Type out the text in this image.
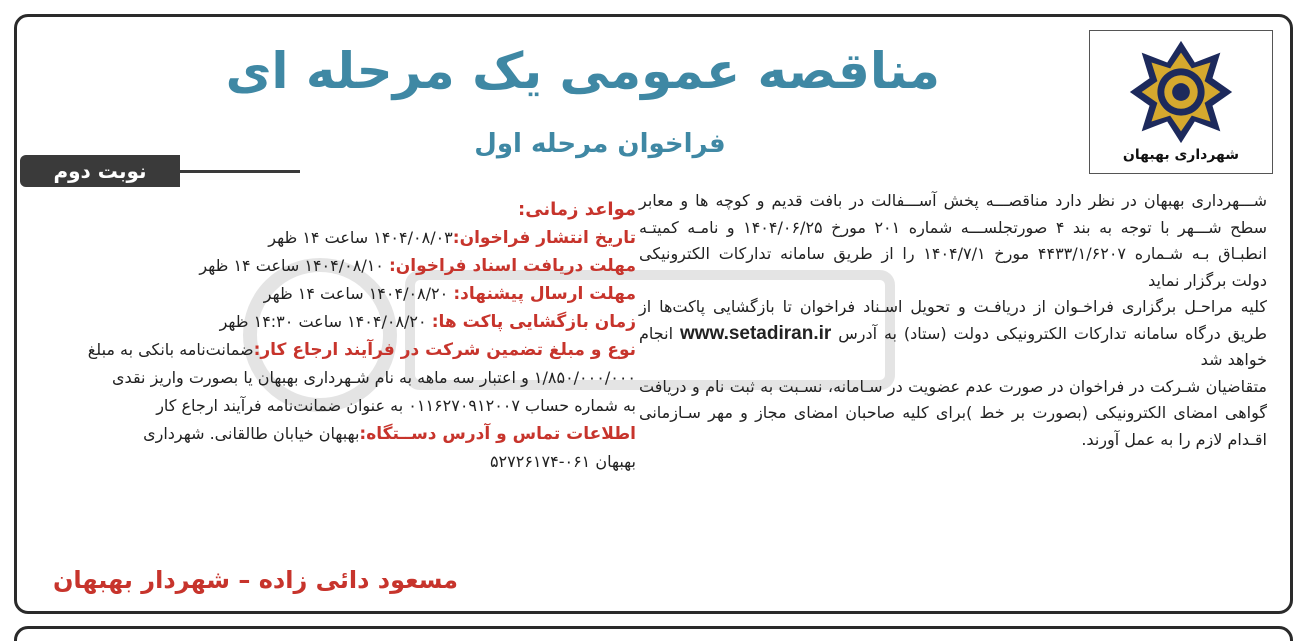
شهرداری بهبهان
مناقصه عمومی یک مرحله ای
فراخوان مرحله اول
نوبت دوم

شـــهرداری بهبهان در نظر دارد مناقصـــه پخش آســـفالت در بافت قدیم و کوچه ها و معابر سطح شـــهر با توجه به بند ۴ صورتجلســـه شماره ۲۰۱ مورخ ۱۴۰۴/۰۶/۲۵ و نامـه کمیتـه انطبـاق بـه شـماره ۴۴۳۳/۱/۶۲۰۷ مورخ ۱۴۰۴/۷/۱ را از طریق سامانه تدارکات الکترونیکی دولت برگزار نماید

کلیه مراحـل برگزاری فراخـوان از دریافـت و تحویل اسـناد فراخوان تا بازگشایی پاکت‌ها از طریق درگاه سامانه تدارکات الکترونیکی دولت (ستاد) به آدرس www.setadiran.ir انجام خواهد شد

متقاضیان شـرکت در فراخوان در صورت عدم عضویت در سـامانه، نسـبت به ثبت نام و دریافت گواهی امضای الکترونیکی (بصورت بر خط )برای کلیه صاحبان امضای مجاز و مهر سـازمانی اقـدام لازم را به عمل آورند.

مواعد زمانی:
تاریخ انتشار فراخوان:۱۴۰۴/۰۸/۰۳ ساعت ۱۴ ظهر
مهلت دریافت اسناد فراخوان: ۱۴۰۴/۰۸/۱۰ ساعت ۱۴ ظهر
مهلت ارسال پیشنهاد: ۱۴۰۴/۰۸/۲۰ ساعت ۱۴ ظهر
زمان بازگشایی پاکت ها: ۱۴۰۴/۰۸/۲۰ ساعت ۱۴:۳۰ ظهر
نوع و مبلغ تضمین شرکت در فرآیند ارجاع کار:ضمانت‌نامه بانکی به مبلغ
۱/۸۵۰/۰۰۰/۰۰۰ و اعتبار سه ماهه به نام شـهرداری بهبهان یا بصورت واریز نقدی
به شماره حساب ۰۱۱۶۲۷۰۹۱۲۰۰۷ به عنوان ضمانت‌نامه فرآیند ارجاع کار
اطلاعات تماس و آدرس دســتگاه:بهبهان خیابان طالقانی. شهرداری
بهبهان ۰۶۱-۵۲۷۲۶۱۷۴
مسعود دائی زاده – شهردار بهبهان
